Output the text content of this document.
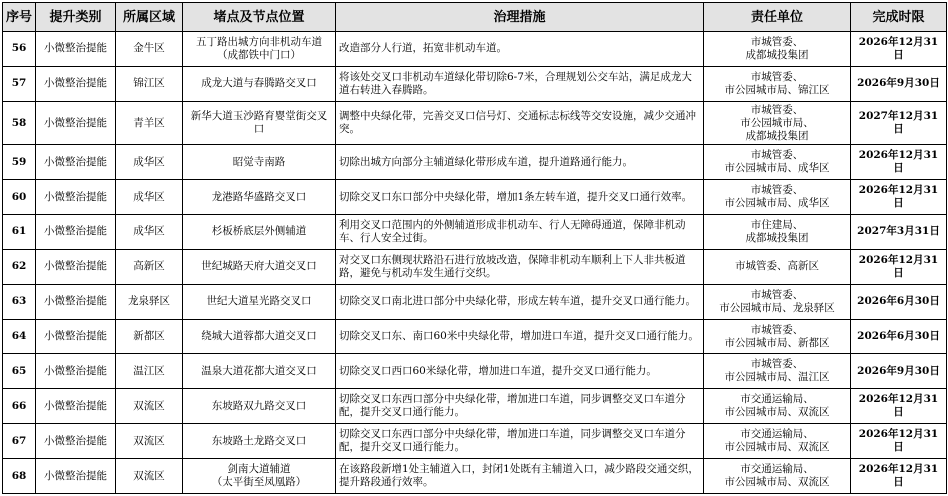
序号	提升类别	所属区域	堵点及节点位置	治理措施	责任单位	完成时限
56	小微整治提能	金牛区	五丁路出城方向非机动车道（成都铁中门口）	改造部分人行道，拓宽非机动车道。	市城管委、
成都城投集团	2026年12月31日
57	小微整治提能	锦江区	成龙大道与春腾路交叉口	将该处交叉口非机动车道绿化带切除6-7米，合理规划公交车站，满足成龙大道右转进入春腾路。	市城管委、
市公园城市局、锦江区	2026年9月30日
58	小微整治提能	青羊区	新华大道玉沙路育婴堂街交叉口	调整中央绿化带，完善交叉口信号灯、交通标志标线等交安设施，减少交通冲突。	市城管委、
市公园城市局、
成都城投集团	2027年12月31日
59	小微整治提能	成华区	昭觉寺南路	切除出城方向部分主辅道绿化带形成车道，提升道路通行能力。	市城管委、
市公园城市局、成华区	2026年12月31日
60	小微整治提能	成华区	龙港路华盛路交叉口	切除交叉口东口部分中央绿化带，增加1条左转车道，提升交叉口通行效率。	市城管委、
市公园城市局、成华区	2026年12月31日
61	小微整治提能	成华区	杉板桥底层外侧辅道	利用交叉口范围内的外侧辅道形成非机动车、行人无障碍通道，保障非机动车、行人安全过街。	市住建局、
成都城投集团	2027年3月31日
62	小微整治提能	高新区	世纪城路天府大道交叉口	对交叉口东侧现状路沿石进行放坡改造，保障非机动车顺利上下人非共板道路，避免与机动车发生通行交织。	市城管委、高新区	2026年12月31日
63	小微整治提能	龙泉驿区	世纪大道星光路交叉口	切除交叉口南北进口部分中央绿化带，形成左转车道，提升交叉口通行能力。	市城管委、
市公园城市局、龙泉驿区	2026年6月30日
64	小微整治提能	新都区	绕城大道蓉都大道交叉口	切除交叉口东、南口60米中央绿化带，增加进口车道，提升交叉口通行能力。	市城管委、
市公园城市局、新都区	2026年6月30日
65	小微整治提能	温江区	温泉大道花都大道交叉口	切除交叉口西口60米绿化带，增加进口车道，提升交叉口通行能力。	市城管委、
市公园城市局、温江区	2026年9月30日
66	小微整治提能	双流区	东坡路双九路交叉口	切除交叉口东西口部分中央绿化带，增加进口车道，同步调整交叉口车道分配，提升交叉口通行能力。	市交通运输局、
市公园城市局、双流区	2026年12月31日
67	小微整治提能	双流区	东坡路土龙路交叉口	切除交叉口东西口部分中央绿化带，增加进口车道，同步调整交叉口车道分配，提升交叉口通行能力。	市交通运输局、
市公园城市局、双流区	2026年12月31日
68	小微整治提能	双流区	剑南大道辅道
（太平街至凤凰路）	在该路段新增1处主辅道入口，封闭1处既有主辅道入口，减少路段交通交织，提升路段通行效率。	市交通运输局、
市公园城市局、双流区	2026年12月31日
